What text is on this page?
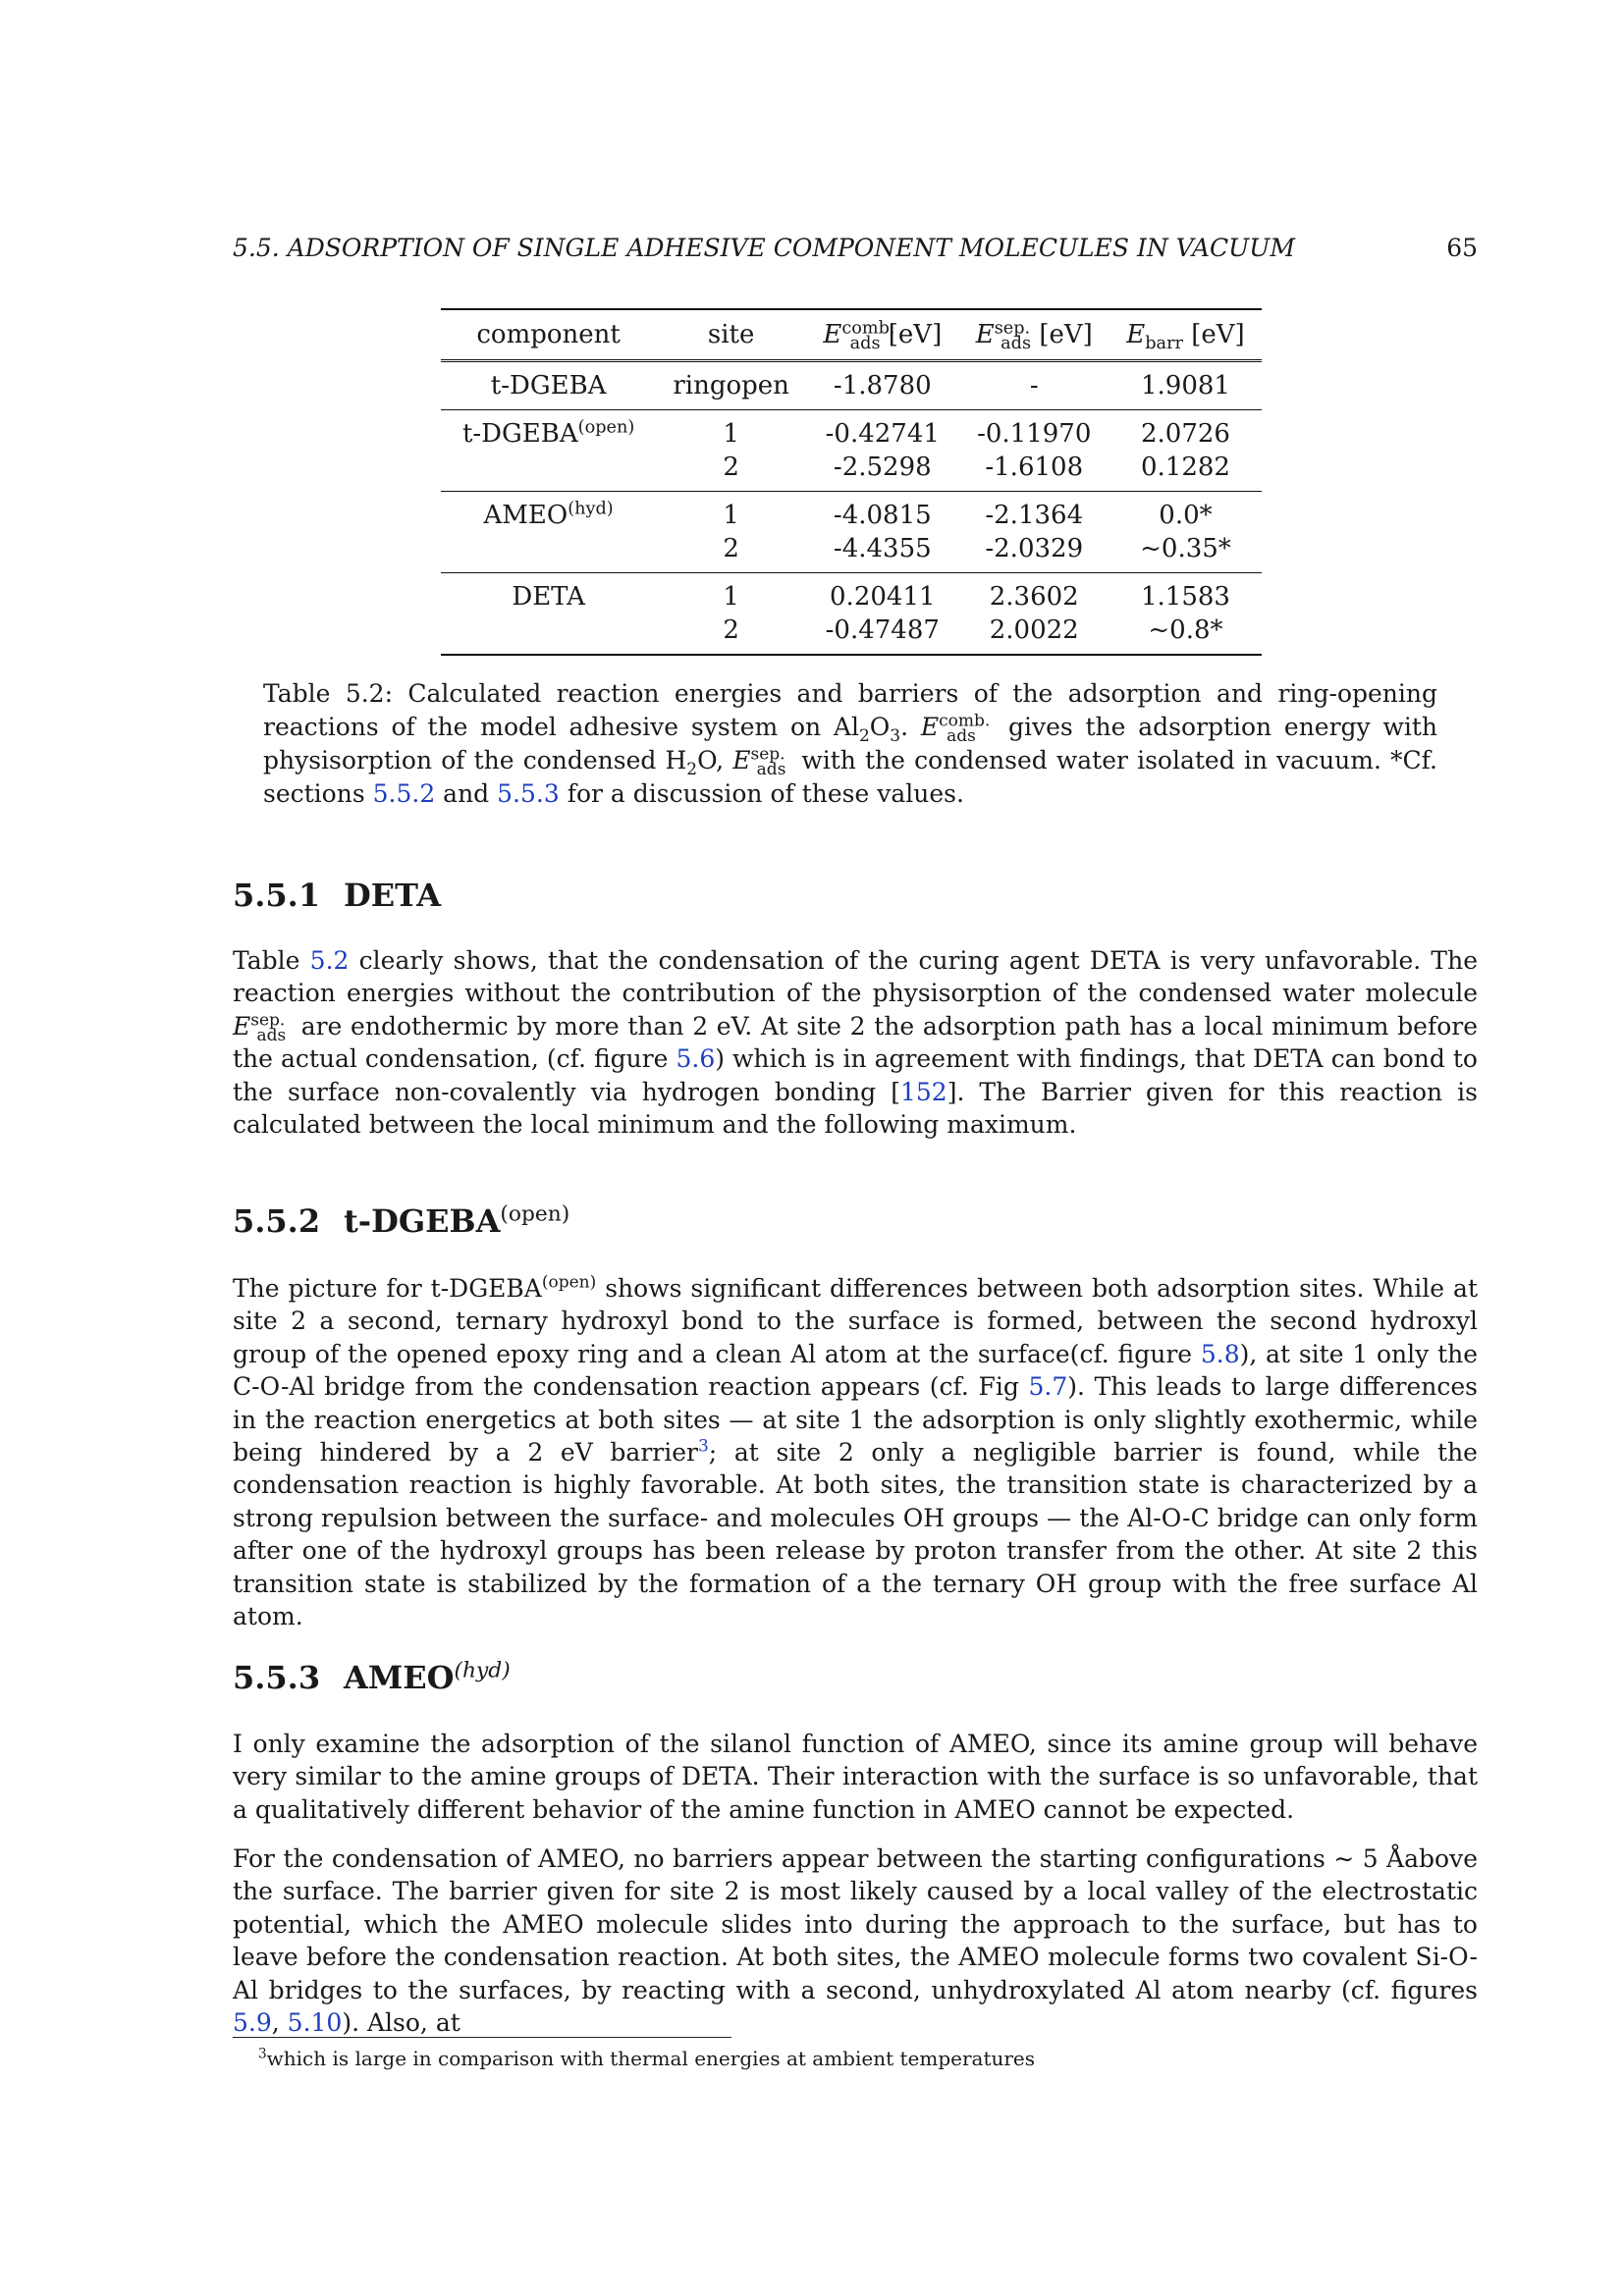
5.5. ADSORPTION OF SINGLE ADHESIVE COMPONENT MOLECULES IN VACUUM	65
component	site	$E^{comb.}_{ads}$ [eV]	$E^{sep.}_{ads}$ [eV]	$E_{barr}$ [eV]
t-DGEBA	ringopen	-1.8780	-	1.9081
$t-DGEBA^{(open)}$	1	-0.42741	-0.11970	2.0726
	2	-2.5298	-1.6108	0.1282
$AMEO^{(hyd)}$	1	-4.0815	-2.1364	0.0*
	2	-4.4355	-2.0329	~0.35*
DETA	1	0.20411	2.3602	1.1583
	2	-0.47487	2.0022	~0.8*
Table 5.2: Calculated reaction energies and barriers of the adsorption and ring-opening reactions of the model adhesive system on $Al_2O_3$. $E^{comb.}_{ads}$ gives the adsorption energy with physisorption of the condensed $H_2O$, $E^{sep.}_{ads}$ with the condensed water isolated in vacuum. *Cf. sections 5.5.2 and 5.5.3 for a discussion of these values.
5.5.1 DETA
Table 5.2 clearly shows, that the condensation of the curing agent DETA is very unfavorable. The reaction energies without the contribution of the physisorption of the condensed water molecule $E^{sep.}_{ads}$ are endothermic by more than 2 eV. At site 2 the adsorption path has a local minimum before the actual condensation, (cf. figure 5.6) which is in agreement with findings, that DETA can bond to the surface non-covalently via hydrogen bonding [152]. The Barrier given for this reaction is calculated between the local minimum and the following maximum.
5.5.2 $t-DGEBA^{(open)}$
The picture for $t-DGEBA^{(open)}$ shows significant differences between both adsorption sites. While at site 2 a second, ternary hydroxyl bond to the surface is formed, between the second hydroxyl group of the opened epoxy ring and a clean Al atom at the surface(cf. figure 5.8), at site 1 only the C-O-Al bridge from the condensation reaction appears (cf. Fig 5.7). This leads to large differences in the reaction energetics at both sites — at site 1 the adsorption is only slightly exothermic, while being hindered by a 2 eV barrier$^3$; at site 2 only a negligible barrier is found, while the condensation reaction is highly favorable. At both sites, the transition state is characterized by a strong repulsion between the surface- and molecules OH groups — the Al-O-C bridge can only form after one of the hydroxyl groups has been release by proton transfer from the other. At site 2 this transition state is stabilized by the formation of a the ternary OH group with the free surface Al atom.
5.5.3 $AMEO^{(hyd)}$
I only examine the adsorption of the silanol function of AMEO, since its amine group will behave very similar to the amine groups of DETA. Their interaction with the surface is so unfavorable, that a qualitatively different behavior of the amine function in AMEO cannot be expected.
For the condensation of AMEO, no barriers appear between the starting configurations ∼ 5 Åabove the surface. The barrier given for site 2 is most likely caused by a local valley of the electrostatic potential, which the AMEO molecule slides into during the approach to the surface, but has to leave before the condensation reaction. At both sites, the AMEO molecule forms two covalent Si-O-Al bridges to the surfaces, by reacting with a second, unhydroxylated Al atom nearby (cf. figures 5.9, 5.10). Also, at
$^3$which is large in comparison with thermal energies at ambient temperatures
